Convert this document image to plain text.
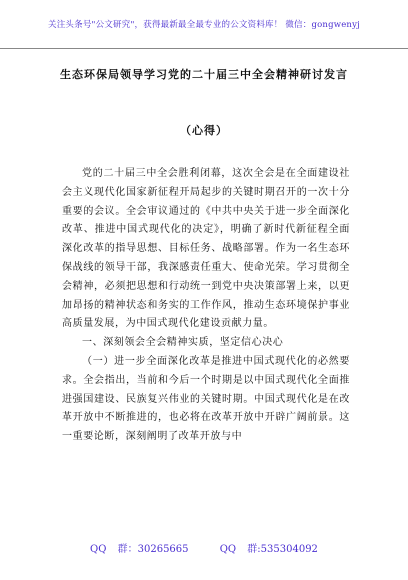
关注头条号"公文研究"，获得最新最全最专业的公文资料库！ 微信：gongwenyj
生态环保局领导学习党的二十届三中全会精神研讨发言
（心得）

党的二十届三中全会胜利闭幕，这次全会是在全面建设社会主义现代化国家新征程开局起步的关键时期召开的一次十分重要的会议。全会审议通过的《中共中央关于进一步全面深化改革、推进中国式现代化的决定》，明确了新时代新征程全面深化改革的指导思想、目标任务、战略部署。作为一名生态环保战线的领导干部，我深感责任重大、使命光荣。学习贯彻全会精神，必须把思想和行动统一到党中央决策部署上来，以更加昂扬的精神状态和务实的工作作风，推动生态环境保护事业高质量发展，为中国式现代化建设贡献力量。

一、深刻领会全会精神实质，坚定信心决心

（一）进一步全面深化改革是推进中国式现代化的必然要求。全会指出，当前和今后一个时期是以中国式现代化全面推进强国建设、民族复兴伟业的关键时期。中国式现代化是在改革开放中不断推进的，也必将在改革开放中开辟广阔前景。这一重要论断，深刻阐明了改革开放与中

QQ 群：30265665	QQ 群:535304092
